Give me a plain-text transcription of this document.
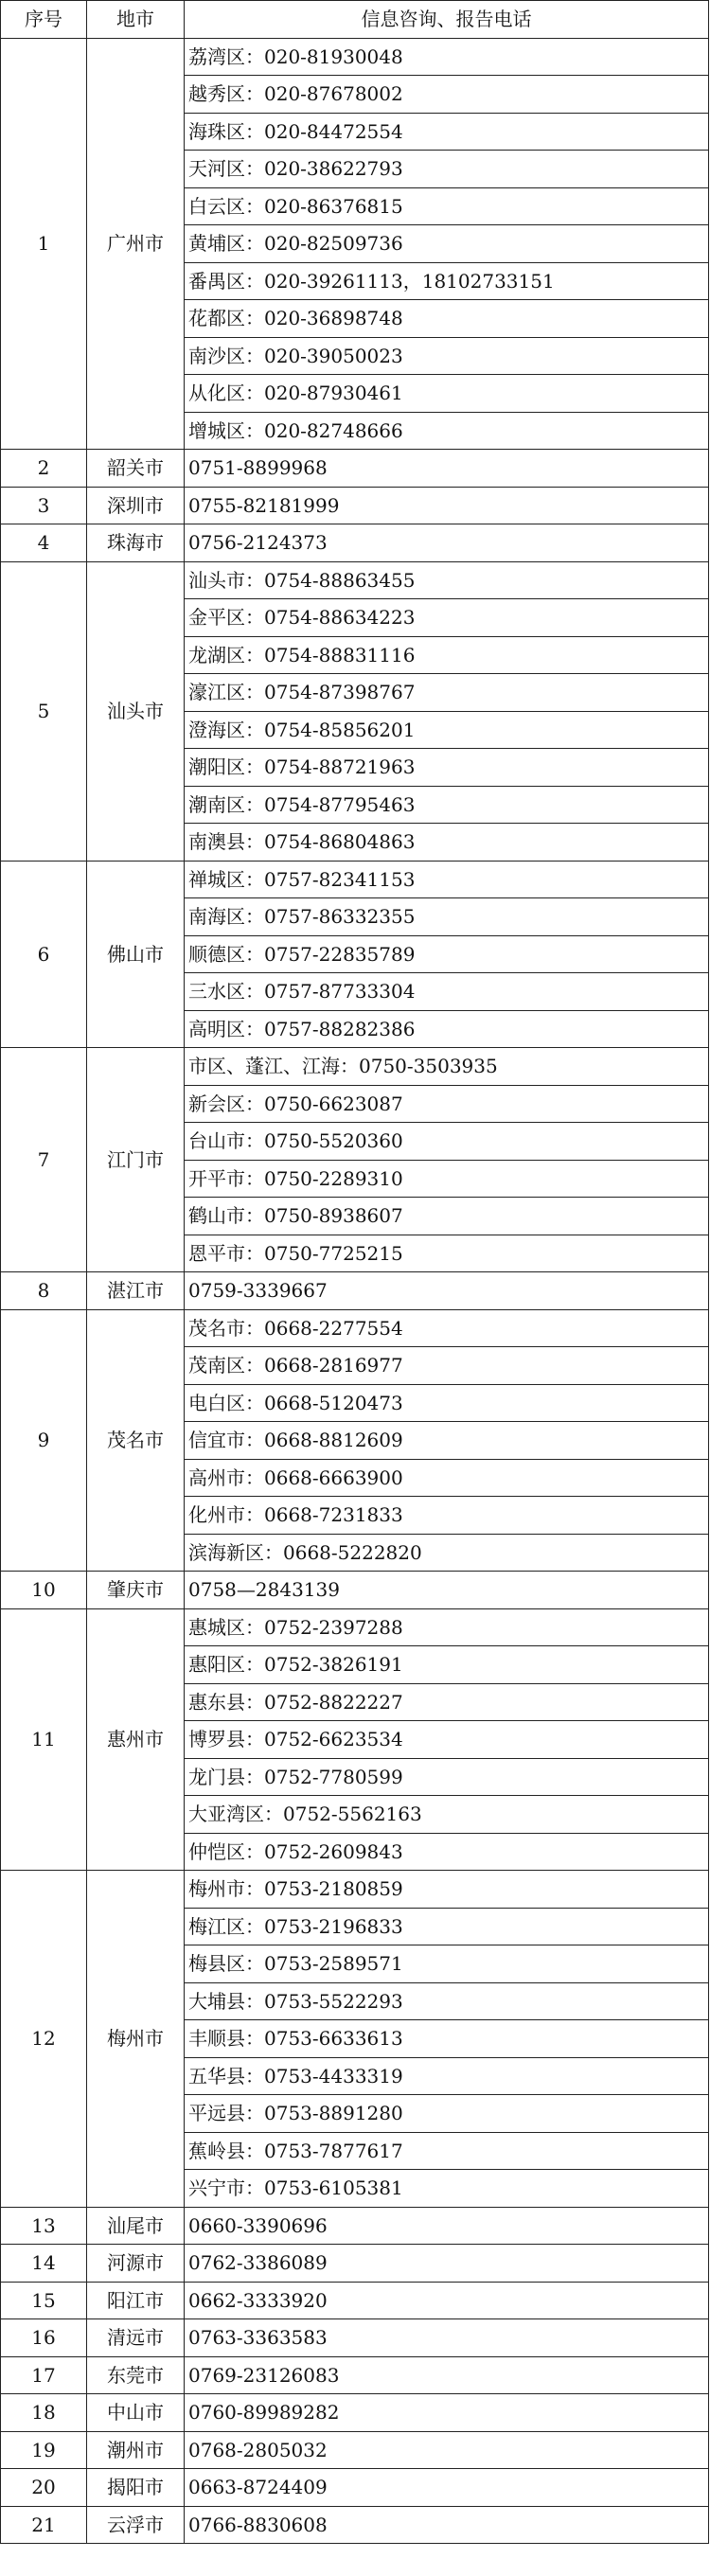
序号	地市	信息咨询、报告电话
1	广州市	荔湾区：020-81930048
		越秀区：020-87678002
		海珠区：020-84472554
		天河区：020-38622793
		白云区：020-86376815
		黄埔区：020-82509736
		番禺区：020-39261113，18102733151
		花都区：020-36898748
		南沙区：020-39050023
		从化区：020-87930461
		增城区：020-82748666
2	韶关市	0751-8899968
3	深圳市	0755-82181999
4	珠海市	0756-2124373
5	汕头市	汕头市：0754-88863455
		金平区：0754-88634223
		龙湖区：0754-88831116
		濠江区：0754-87398767
		澄海区：0754-85856201
		潮阳区：0754-88721963
		潮南区：0754-87795463
		南澳县：0754-86804863
6	佛山市	禅城区：0757-82341153
		南海区：0757-86332355
		顺德区：0757-22835789
		三水区：0757-87733304
		高明区：0757-88282386
7	江门市	市区、蓬江、江海：0750-3503935
		新会区：0750-6623087
		台山市：0750-5520360
		开平市：0750-2289310
		鹤山市：0750-8938607
		恩平市：0750-7725215
8	湛江市	0759-3339667
9	茂名市	茂名市：0668-2277554
		茂南区：0668-2816977
		电白区：0668-5120473
		信宜市：0668-8812609
		高州市：0668-6663900
		化州市：0668-7231833
		滨海新区：0668-5222820
10	肇庆市	0758—2843139
11	惠州市	惠城区：0752-2397288
		惠阳区：0752-3826191
		惠东县：0752-8822227
		博罗县：0752-6623534
		龙门县：0752-7780599
		大亚湾区：0752-5562163
		仲恺区：0752-2609843
12	梅州市	梅州市：0753-2180859
		梅江区：0753-2196833
		梅县区：0753-2589571
		大埔县：0753-5522293
		丰顺县：0753-6633613
		五华县：0753-4433319
		平远县：0753-8891280
		蕉岭县：0753-7877617
		兴宁市：0753-6105381
13	汕尾市	0660-3390696
14	河源市	0762-3386089
15	阳江市	0662-3333920
16	清远市	0763-3363583
17	东莞市	0769-23126083
18	中山市	0760-89989282
19	潮州市	0768-2805032
20	揭阳市	0663-8724409
21	云浮市	0766-8830608
